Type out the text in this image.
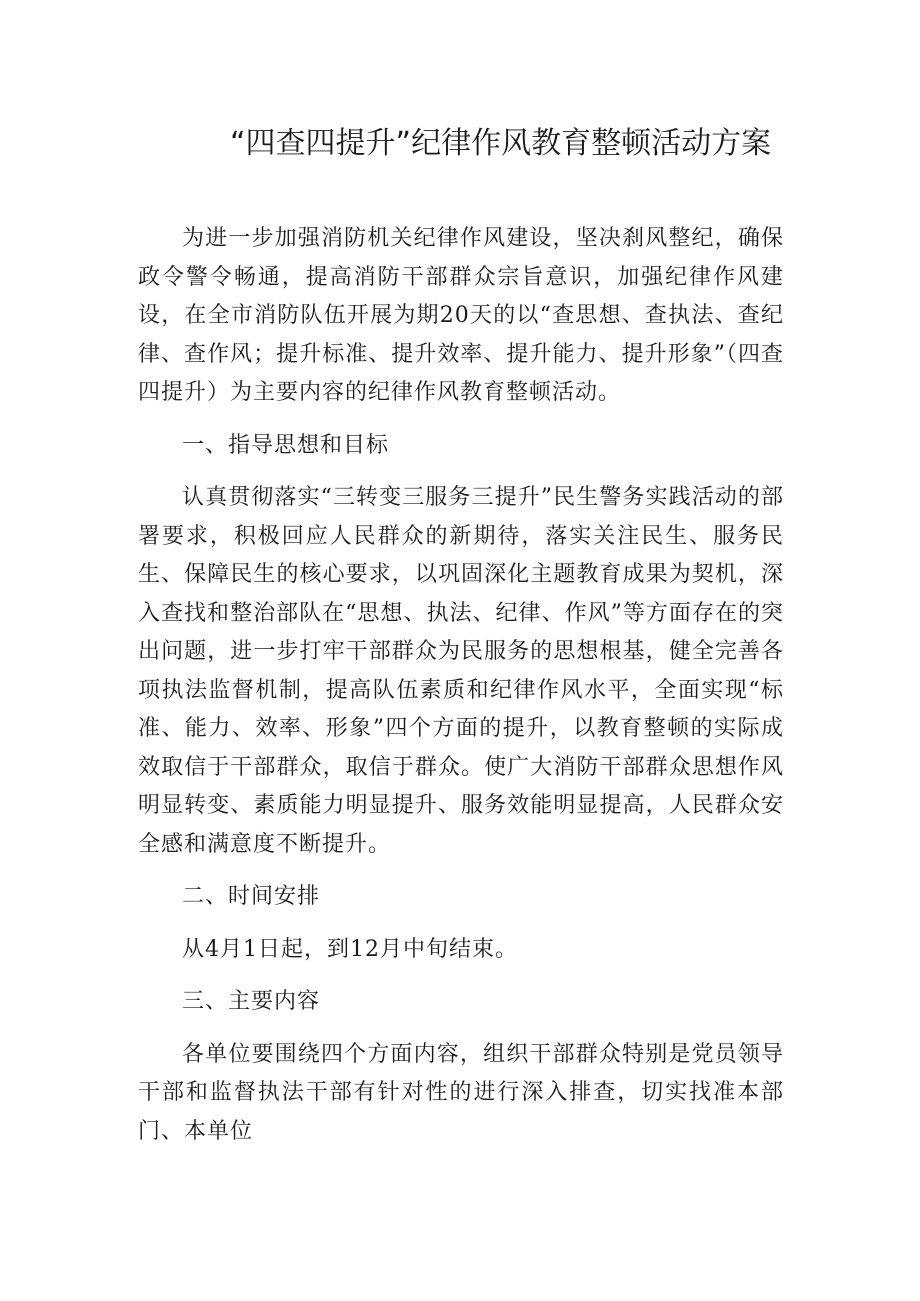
“四查四提升”纪律作风教育整顿活动方案

为进一步加强消防机关纪律作风建设，坚决刹风整纪，确保政令警令畅通，提高消防干部群众宗旨意识，加强纪律作风建设，在全市消防队伍开展为期20天的以“查思想、查执法、查纪律、查作风；提升标准、提升效率、提升能力、提升形象”（四查四提升）为主要内容的纪律作风教育整顿活动。

一、指导思想和目标

认真贯彻落实“三转变三服务三提升”民生警务实践活动的部署要求，积极回应人民群众的新期待，落实关注民生、服务民生、保障民生的核心要求，以巩固深化主题教育成果为契机，深入查找和整治部队在“思想、执法、纪律、作风”等方面存在的突出问题，进一步打牢干部群众为民服务的思想根基，健全完善各项执法监督机制，提高队伍素质和纪律作风水平，全面实现“标准、能力、效率、形象”四个方面的提升，以教育整顿的实际成效取信于干部群众，取信于群众。使广大消防干部群众思想作风明显转变、素质能力明显提升、服务效能明显提高，人民群众安全感和满意度不断提升。

二、时间安排

从4月1日起，到12月中旬结束。

三、主要内容

各单位要围绕四个方面内容，组织干部群众特别是党员领导干部和监督执法干部有针对性的进行深入排查，切实找准本部门、本单位
